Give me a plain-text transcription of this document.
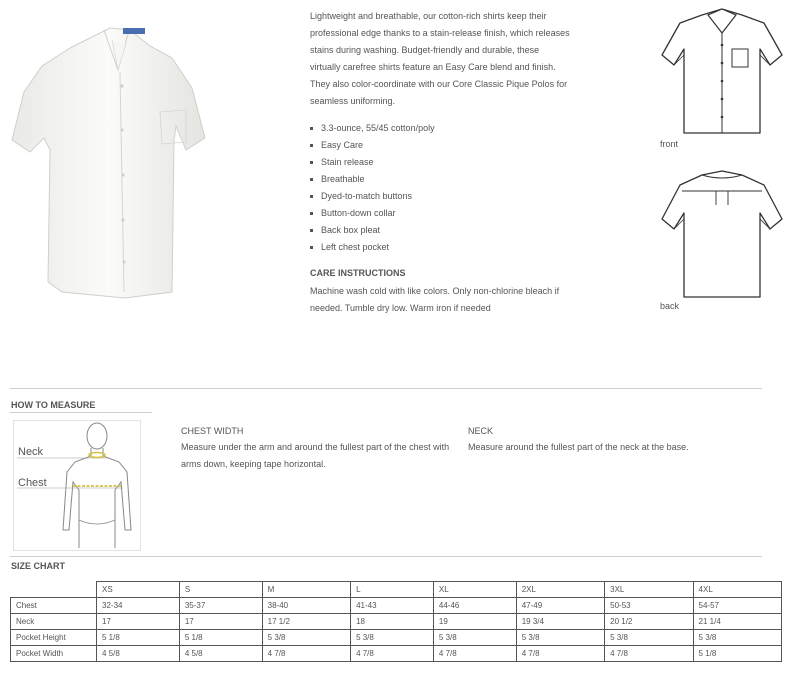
Lightweight and breathable, our cotton-rich shirts keep their professional edge thanks to a stain-release finish, which releases stains during washing. Budget-friendly and durable, these virtually carefree shirts feature an Easy Care blend and finish. They also color-coordinate with our Core Classic Pique Polos for seamless uniforming.
3.3-ounce, 55/45 cotton/poly
Easy Care
Stain release
Breathable
Dyed-to-match buttons
Button-down collar
Back box pleat
Left chest pocket
CARE INSTRUCTIONS
Machine wash cold with like colors. Only non-chlorine bleach if needed. Tumble dry low. Warm iron if needed
front
back
HOW TO MEASURE
Neck
Chest
CHEST WIDTH
Measure under the arm and around the fullest part of the chest with arms down, keeping tape horizontal.
NECK
Measure around the fullest part of the neck at the base.
SIZE CHART
	XS	S	M	L	XL	2XL	3XL	4XL
Chest	32-34	35-37	38-40	41-43	44-46	47-49	50-53	54-57
Neck	17	17	17 1/2	18	19	19 3/4	20 1/2	21 1/4
Pocket Height	5 1/8	5 1/8	5 3/8	5 3/8	5 3/8	5 3/8	5 3/8	5 3/8
Pocket Width	4 5/8	4 5/8	4 7/8	4 7/8	4 7/8	4 7/8	4 7/8	5 1/8
